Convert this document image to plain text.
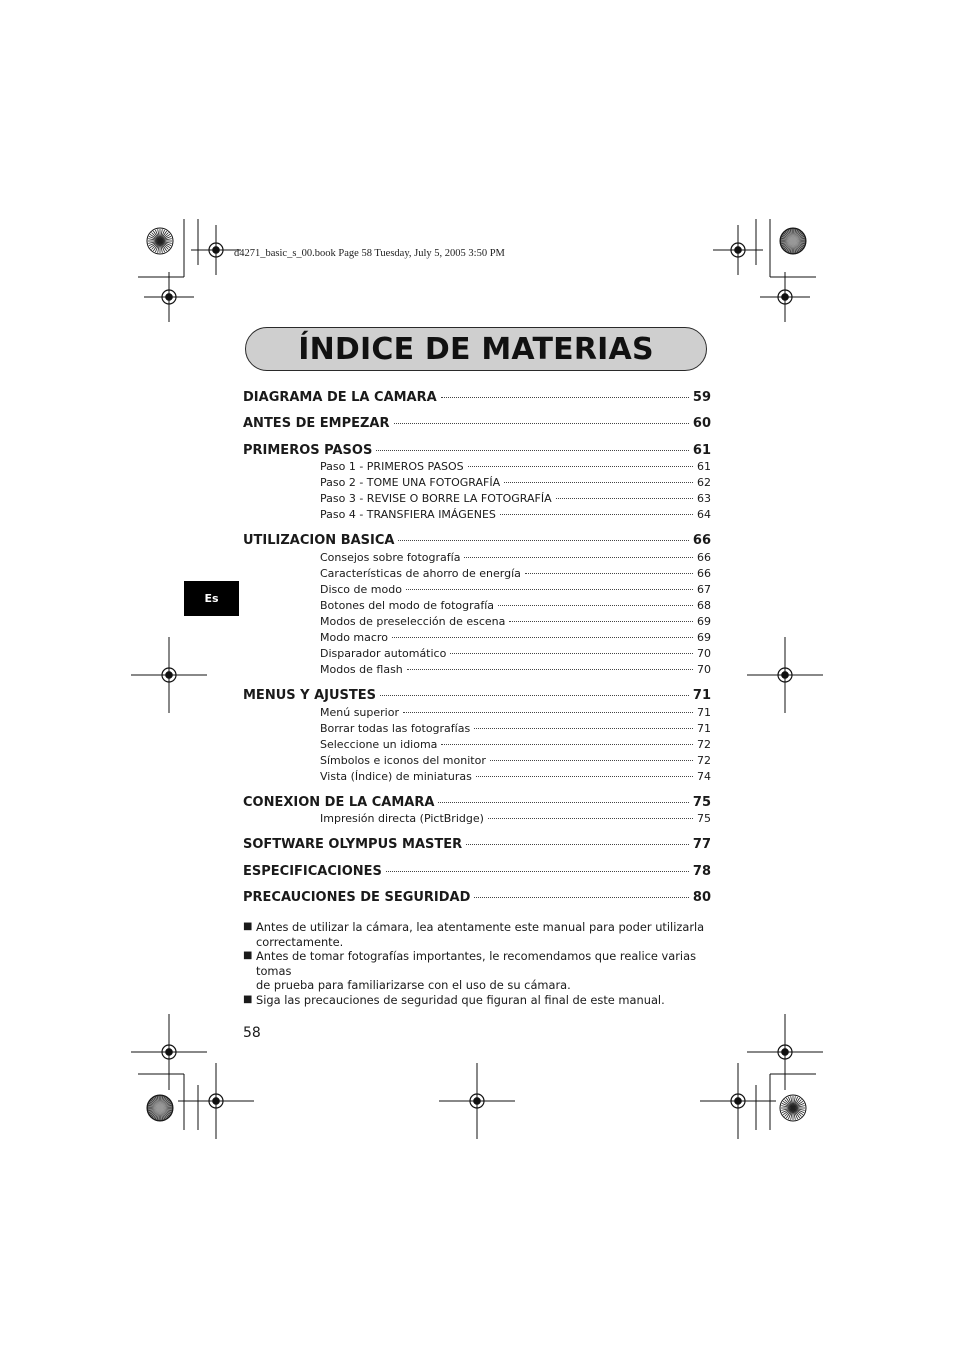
d4271_basic_s_00.book Page 58 Tuesday, July 5, 2005 3:50 PM
ÍNDICE DE MATERIAS
DIAGRAMA DE LA CÁMARA	59
ANTES DE EMPEZAR	60
PRIMEROS PASOS	61
Paso 1 - PRIMEROS PASOS	61
Paso 2 - TOME UNA FOTOGRAFÍA	62
Paso 3 - REVISE O BORRE LA FOTOGRAFÍA	63
Paso 4 - TRANSFIERA IMÁGENES	64
UTILIZACIÓN BÁSICA	66
Consejos sobre fotografía	66
Características de ahorro de energía	66
Disco de modo	67
Botones del modo de fotografía	68
Modos de preselección de escena	69
Modo macro	69
Disparador automático	70
Modos de flash	70
MENÚS Y AJUSTES	71
Menú superior	71
Borrar todas las fotografías	71
Seleccione un idioma	72
Símbolos e iconos del monitor	72
Vista (Índice) de miniaturas	74
CONEXIÓN DE LA CÁMARA	75
Impresión directa (PictBridge)	75
SOFTWARE OLYMPUS MASTER	77
ESPECIFICACIONES	78
PRECAUCIONES DE SEGURIDAD	80
Es
■ Antes de utilizar la cámara, lea atentamente este manual para poder utilizarla
correctamente.
■ Antes de tomar fotografías importantes, le recomendamos que realice varias tomas
de prueba para familiarizarse con el uso de su cámara.
■ Siga las precauciones de seguridad que figuran al final de este manual.
58
